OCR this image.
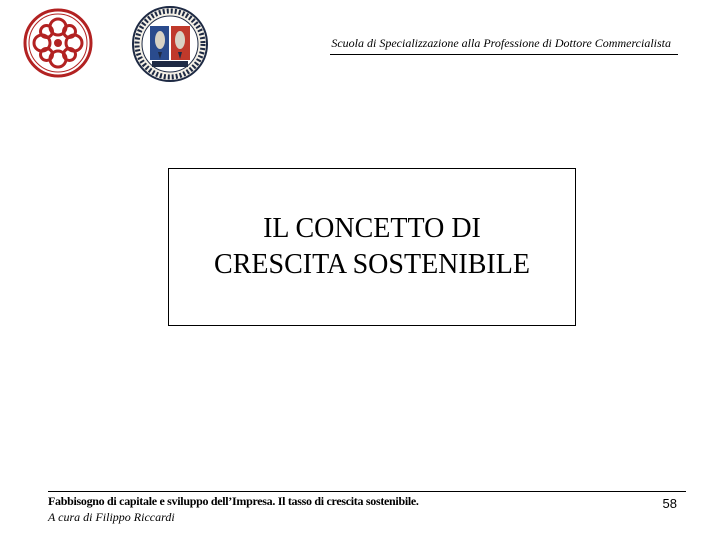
Scuola di Specializzazione alla Professione di Dottore Commercialista
IL CONCETTO DI
CRESCITA SOSTENIBILE
Fabbisogno di capitale e sviluppo dell’Impresa. Il tasso di crescita sostenibile.
A cura di Filippo Riccardi
58
